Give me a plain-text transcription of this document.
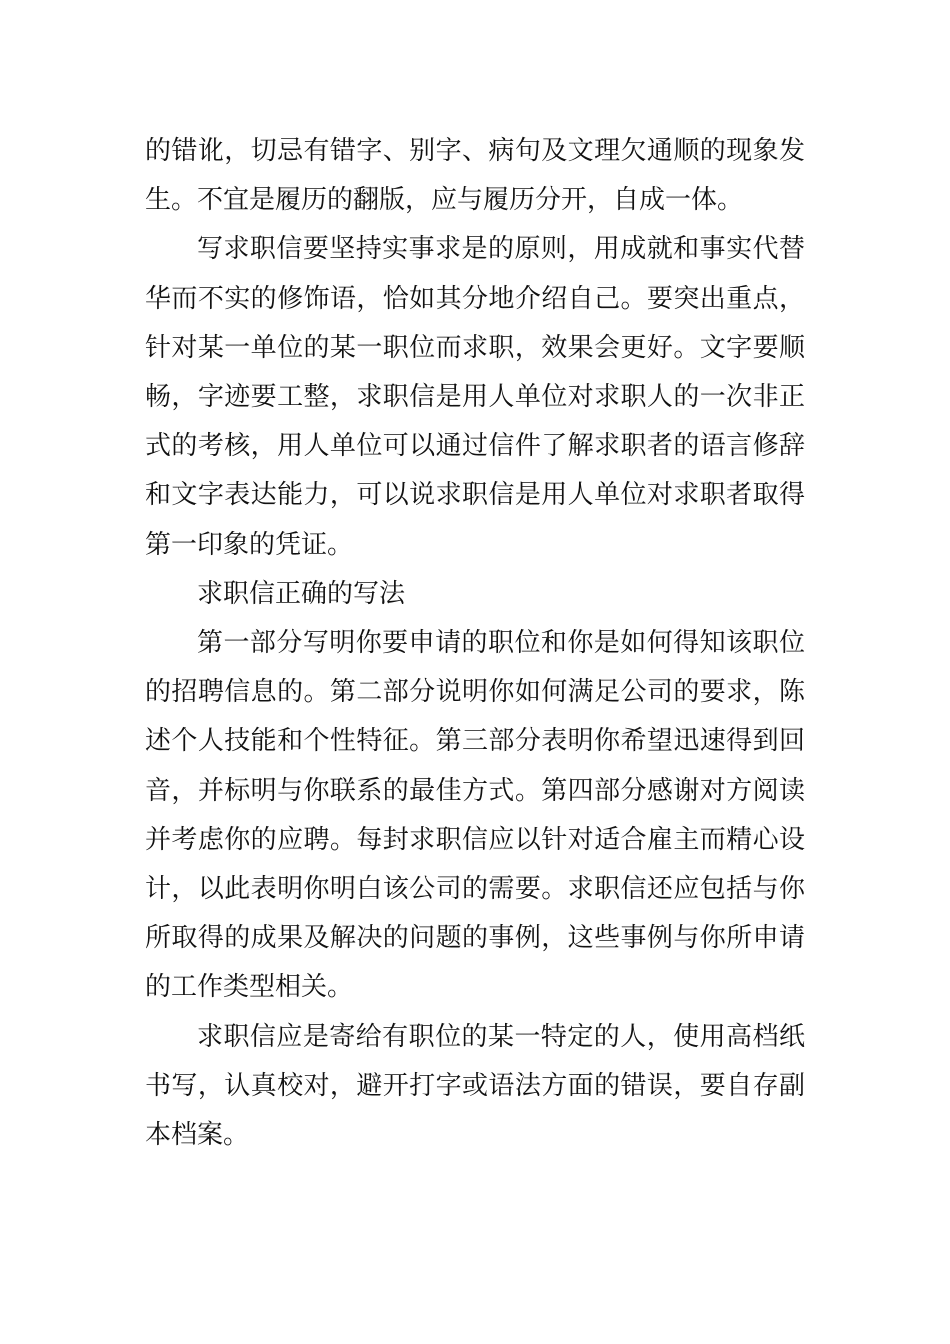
的错讹，切忌有错字、别字、病句及文理欠通顺的现象发生。不宜是履历的翻版，应与履历分开，自成一体。

写求职信要坚持实事求是的原则，用成就和事实代替华而不实的修饰语，恰如其分地介绍自己。要突出重点，针对某一单位的某一职位而求职，效果会更好。文字要顺畅，字迹要工整，求职信是用人单位对求职人的一次非正式的考核，用人单位可以通过信件了解求职者的语言修辞和文字表达能力，可以说求职信是用人单位对求职者取得第一印象的凭证。

求职信正确的写法

第一部分写明你要申请的职位和你是如何得知该职位的招聘信息的。第二部分说明你如何满足公司的要求，陈述个人技能和个性特征。第三部分表明你希望迅速得到回音，并标明与你联系的最佳方式。第四部分感谢对方阅读并考虑你的应聘。每封求职信应以针对适合雇主而精心设计，以此表明你明白该公司的需要。求职信还应包括与你所取得的成果及解决的问题的事例，这些事例与你所申请的工作类型相关。

求职信应是寄给有职位的某一特定的人，使用高档纸书写，认真校对，避开打字或语法方面的错误，要自存副本档案。
